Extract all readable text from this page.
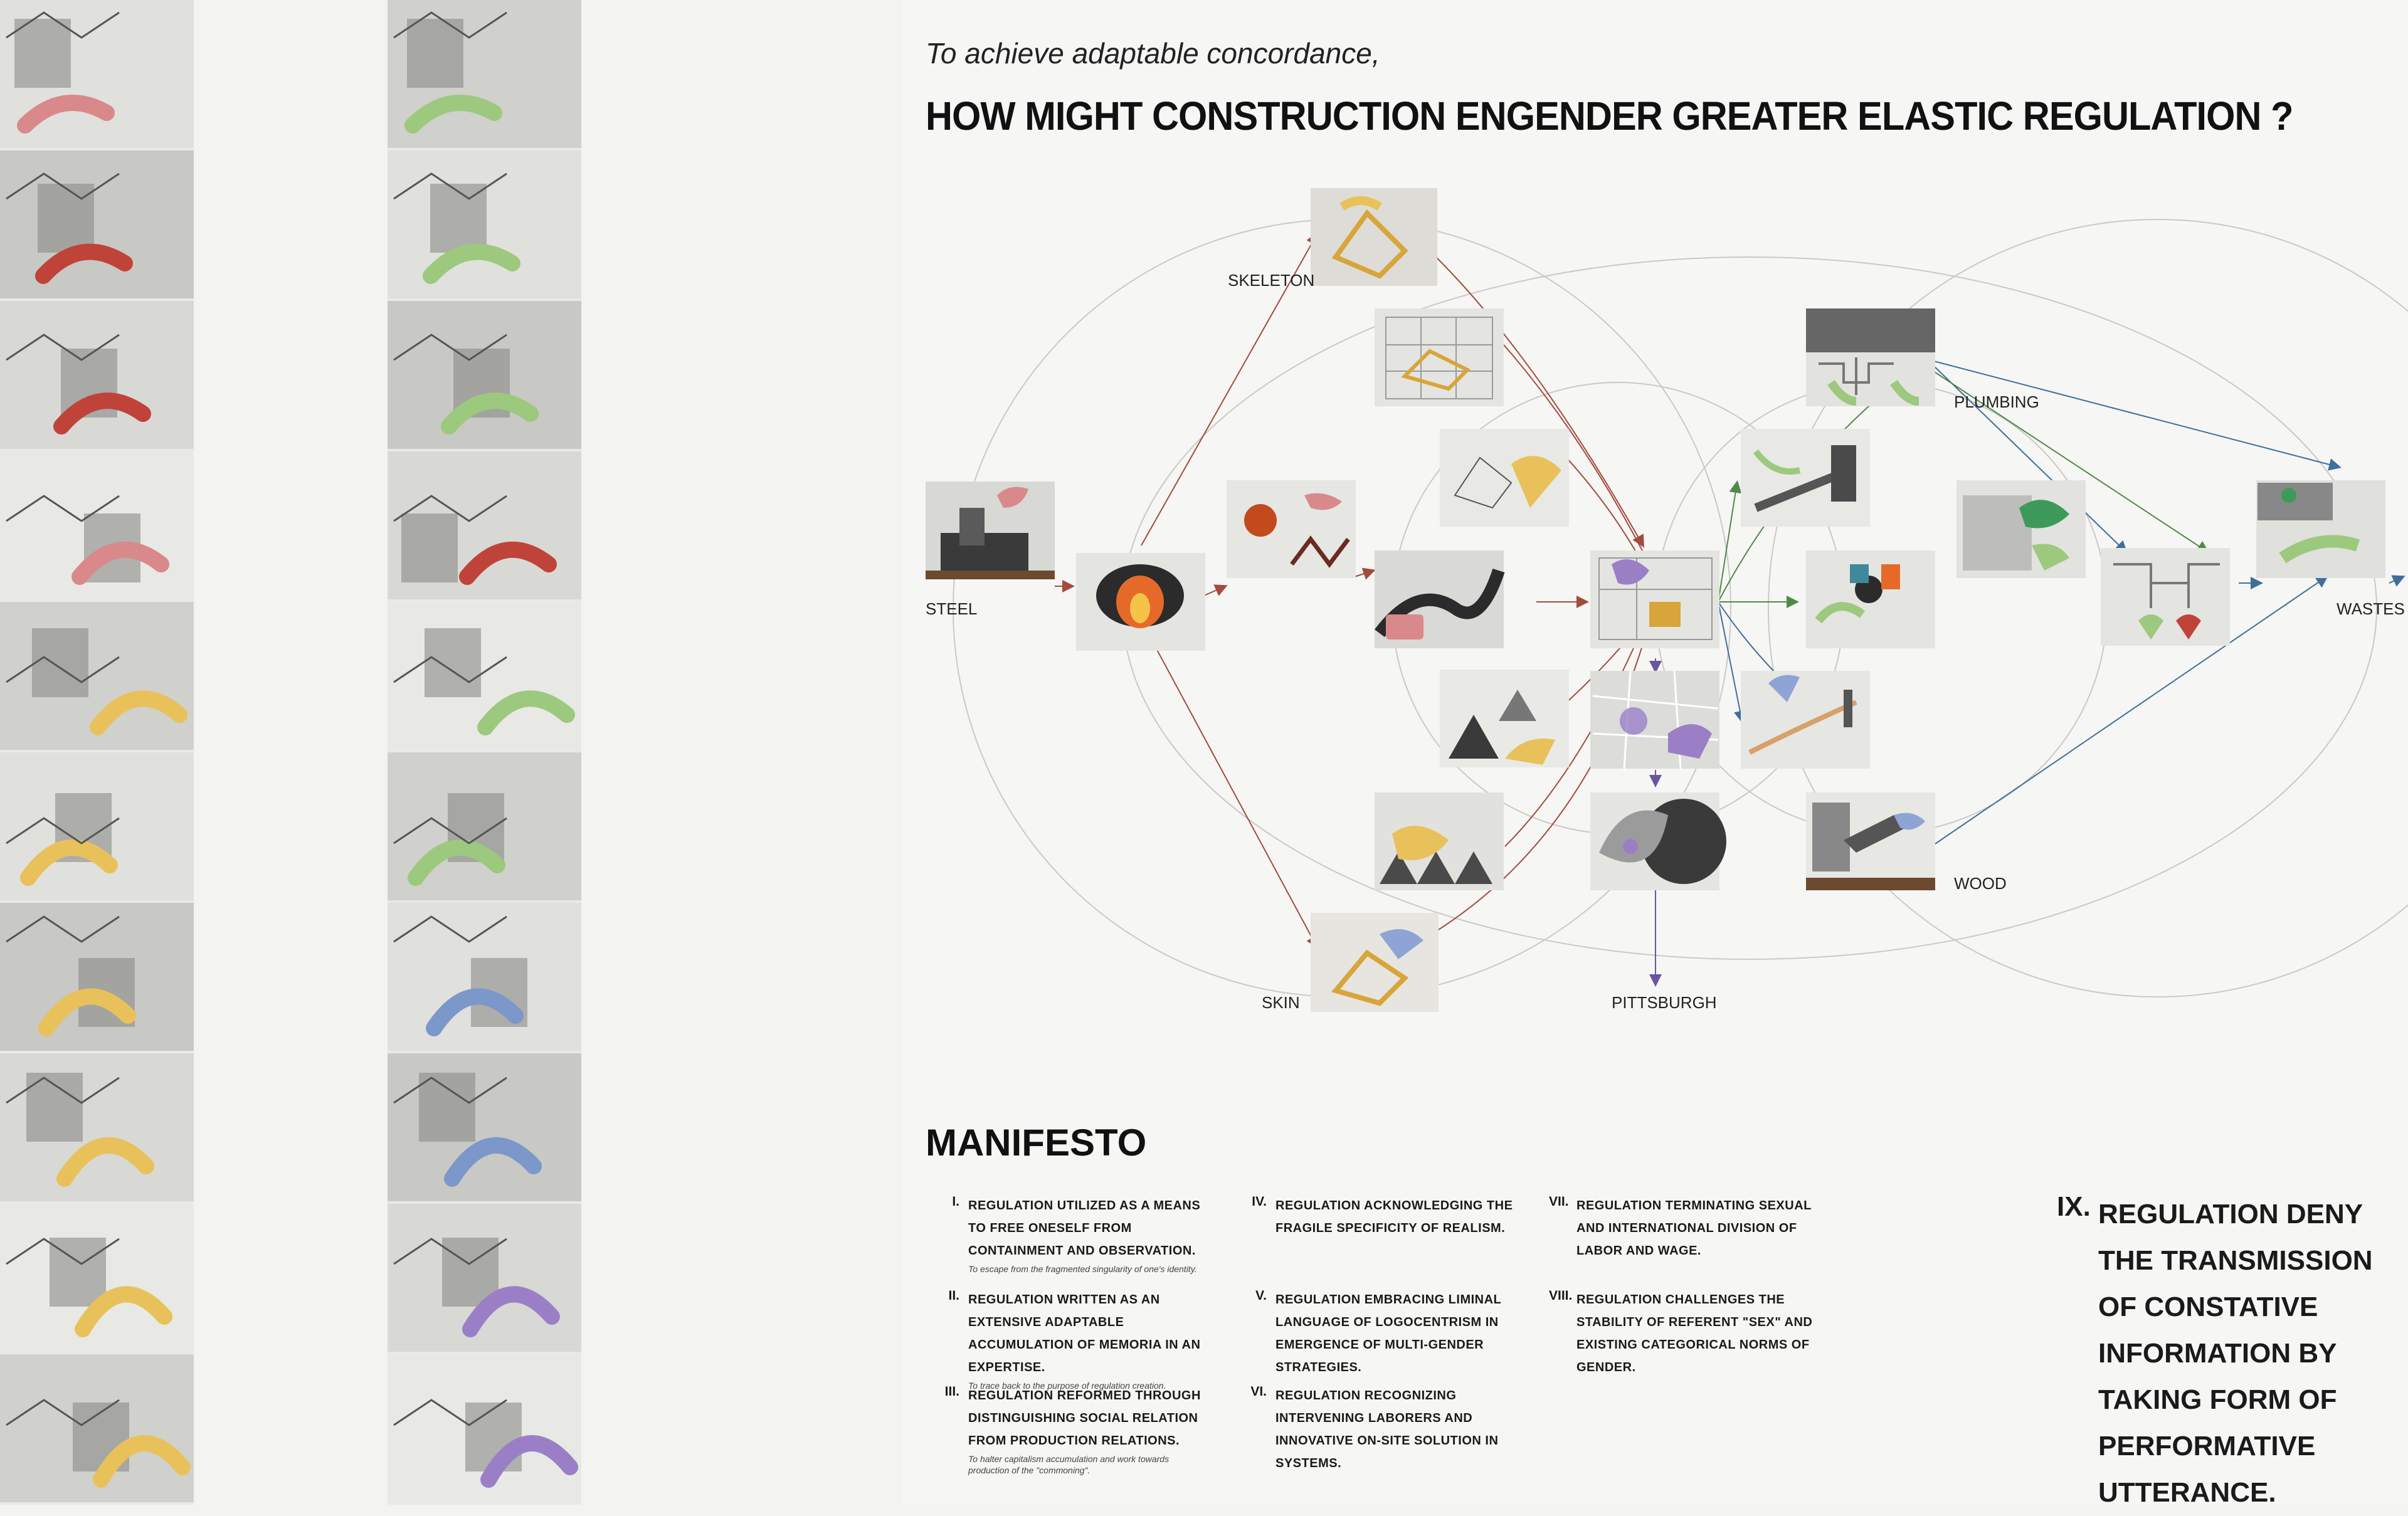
To achieve adaptable concordance,
HOW MIGHT CONSTRUCTION ENGENDER GREATER ELASTIC REGULATION ?
STEEL
SKELETON
SKIN	PITTSBURGH
PLUMBING
WOOD
WASTES
MANIFESTO
I. REGULATION UTILIZED AS A MEANS TO FREE ONESELF FROM CONTAINMENT AND OBSERVATION.
To escape from the fragmented singularity of one's identity.
II. REGULATION WRITTEN AS AN EXTENSIVE ADAPTABLE ACCUMULATION OF MEMORIA IN AN EXPERTISE.
To trace back to the purpose of regulation creation.
III. REGULATION REFORMED THROUGH DISTINGUISHING SOCIAL RELATION FROM PRODUCTION RELATIONS.
To halter capitalism accumulation and work towards production of the "commoning".
IV. REGULATION ACKNOWLEDGING THE FRAGILE SPECIFICITY OF REALISM.
V. REGULATION EMBRACING LIMINAL LANGUAGE OF LOGOCENTRISM IN EMERGENCE OF MULTI-GENDER STRATEGIES.
VI. REGULATION RECOGNIZING INTERVENING LABORERS AND INNOVATIVE ON-SITE SOLUTION IN SYSTEMS.
VII. REGULATION TERMINATING SEXUAL AND INTERNATIONAL DIVISION OF LABOR AND WAGE.
VIII. REGULATION CHALLENGES THE STABILITY OF REFERENT "SEX" AND EXISTING CATEGORICAL NORMS OF GENDER.
IX. REGULATION DENY THE TRANSMISSION OF CONSTATIVE INFORMATION BY TAKING FORM OF PERFORMATIVE UTTERANCE.
